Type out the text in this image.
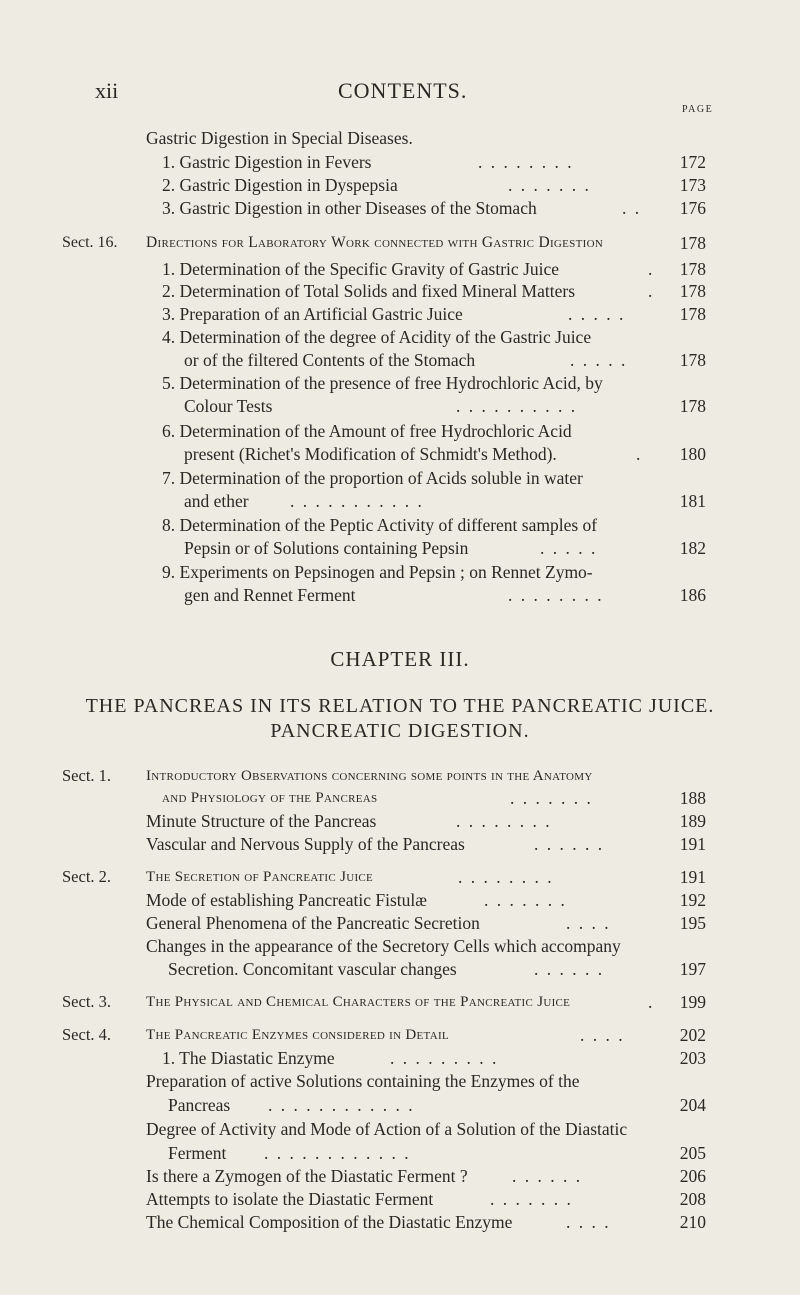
xii	CONTENTS.
PAGE
Gastric Digestion in Special Diseases.
1. Gastric Digestion in Fevers	. . . . . . . .	172
2. Gastric Digestion in Dyspepsia	. . . . . . .	173
3. Gastric Digestion in other Diseases of the Stomach	. .	176
Sect. 16. Directions for Laboratory Work connected with Gastric Digestion	178
1. Determination of the Specific Gravity of Gastric Juice	.	178
2. Determination of Total Solids and fixed Mineral Matters	.	178
3. Preparation of an Artificial Gastric Juice	. . . . .	178
4. Determination of the degree of Acidity of the Gastric Juice
or of the filtered Contents of the Stomach	. . . . .	178
5. Determination of the presence of free Hydrochloric Acid, by
Colour Tests	. . . . . . . . . .	178
6. Determination of the Amount of free Hydrochloric Acid
present (Richet's Modification of Schmidt's Method).	.	180
7. Determination of the proportion of Acids soluble in water
and ether . . . . . . . . . . .	181
8. Determination of the Peptic Activity of different samples of
Pepsin or of Solutions containing Pepsin	. . . . .	182
9. Experiments on Pepsinogen and Pepsin ; on Rennet Zymo-
gen and Rennet Ferment	. . . . . . . .	186
CHAPTER III.
THE PANCREAS IN ITS RELATION TO THE PANCREATIC JUICE.
PANCREATIC DIGESTION.
Sect. 1. Introductory Observations concerning some points in the Anatomy
and Physiology of the Pancreas	. . . . . . .	188
Minute Structure of the Pancreas	. . . . . . . .	189
Vascular and Nervous Supply of the Pancreas	. . . . . .	191
Sect. 2. The Secretion of Pancreatic Juice	. . . . . . . .	191
Mode of establishing Pancreatic Fistulæ	. . . . . . .	192
General Phenomena of the Pancreatic Secretion	. . . .	195
Changes in the appearance of the Secretory Cells which accompany
Secretion. Concomitant vascular changes	. . . . . .	197
Sect. 3. The Physical and Chemical Characters of the Pancreatic Juice	.	199
Sect. 4. The Pancreatic Enzymes considered in Detail	. . . .	202
1. The Diastatic Enzyme	. . . . . . . . .	203
Preparation of active Solutions containing the Enzymes of the
Pancreas . . . . . . . . . . . .	204
Degree of Activity and Mode of Action of a Solution of the Diastatic
Ferment . . . . . . . . . . . .	205
Is there a Zymogen of the Diastatic Ferment ?	. . . . . .	206
Attempts to isolate the Diastatic Ferment	. . . . . . .	208
The Chemical Composition of the Diastatic Enzyme	. . . .	210
